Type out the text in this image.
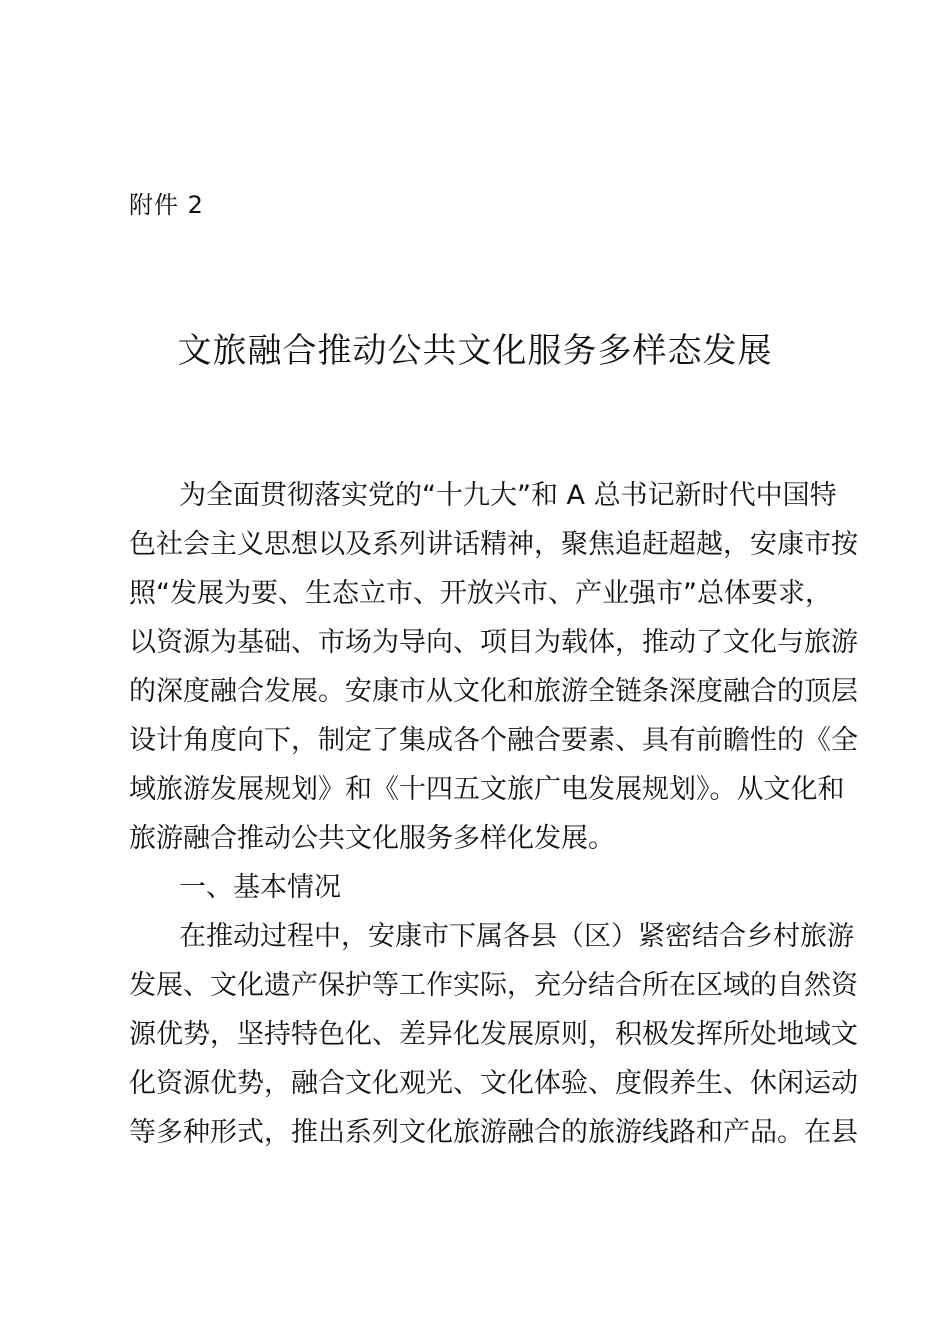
附件 2
文旅融合推动公共文化服务多样态发展
为全面贯彻落实党的“十九大”和 A 总书记新时代中国特
色社会主义思想以及系列讲话精神，聚焦追赶超越，安康市按
照“发展为要、生态立市、开放兴市、产业强市”总体要求，
以资源为基础、市场为导向、项目为载体，推动了文化与旅游
的深度融合发展。安康市从文化和旅游全链条深度融合的顶层
设计角度向下，制定了集成各个融合要素、具有前瞻性的《全
域旅游发展规划》和《十四五文旅广电发展规划》。从文化和
旅游融合推动公共文化服务多样化发展。
一、基本情况
在推动过程中，安康市下属各县（区）紧密结合乡村旅游
发展、文化遗产保护等工作实际，充分结合所在区域的自然资
源优势，坚持特色化、差异化发展原则，积极发挥所处地域文
化资源优势，融合文化观光、文化体验、度假养生、休闲运动
等多种形式，推出系列文化旅游融合的旅游线路和产品。在县
